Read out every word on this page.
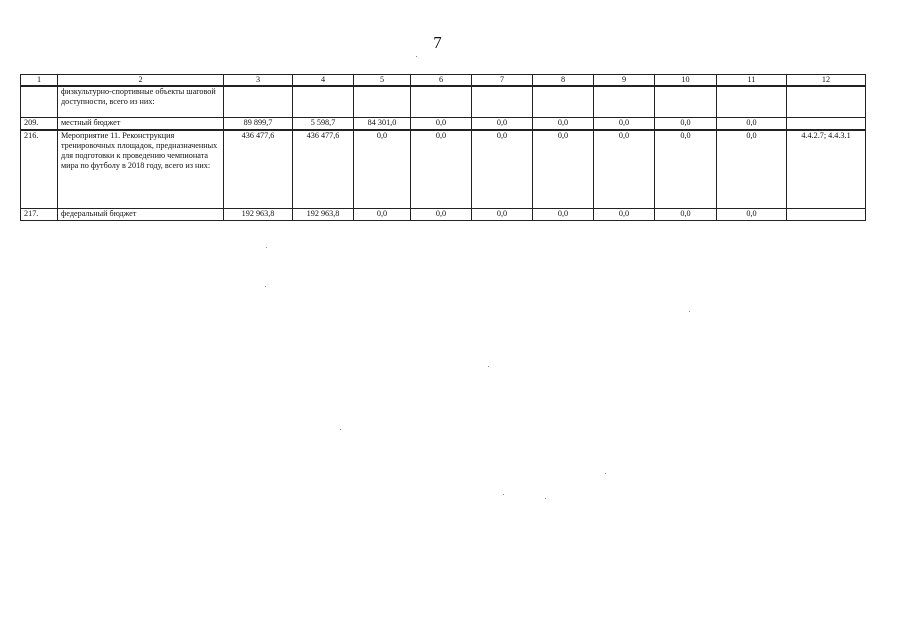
7
1	2	3	4	5	6	7	8	9	10	11	12
	физкультурно-спортивные объекты шаговой доступности, всего из них:										
209.	местный бюджет	89 899,7	5 598,7	84 301,0	0,0	0,0	0,0	0,0	0,0	0,0	
216.	Мероприятие 11. Реконструкция тренировочных площадок, предназначенных для подготовки к проведению чемпионата мира по футболу в 2018 году, всего из них:	436 477,6	436 477,6	0,0	0,0	0,0	0,0	0,0	0,0	0,0	4.4.2.7; 4.4.3.1
217.	федеральный бюджет	192 963,8	192 963,8	0,0	0,0	0,0	0,0	0,0	0,0	0,0	
